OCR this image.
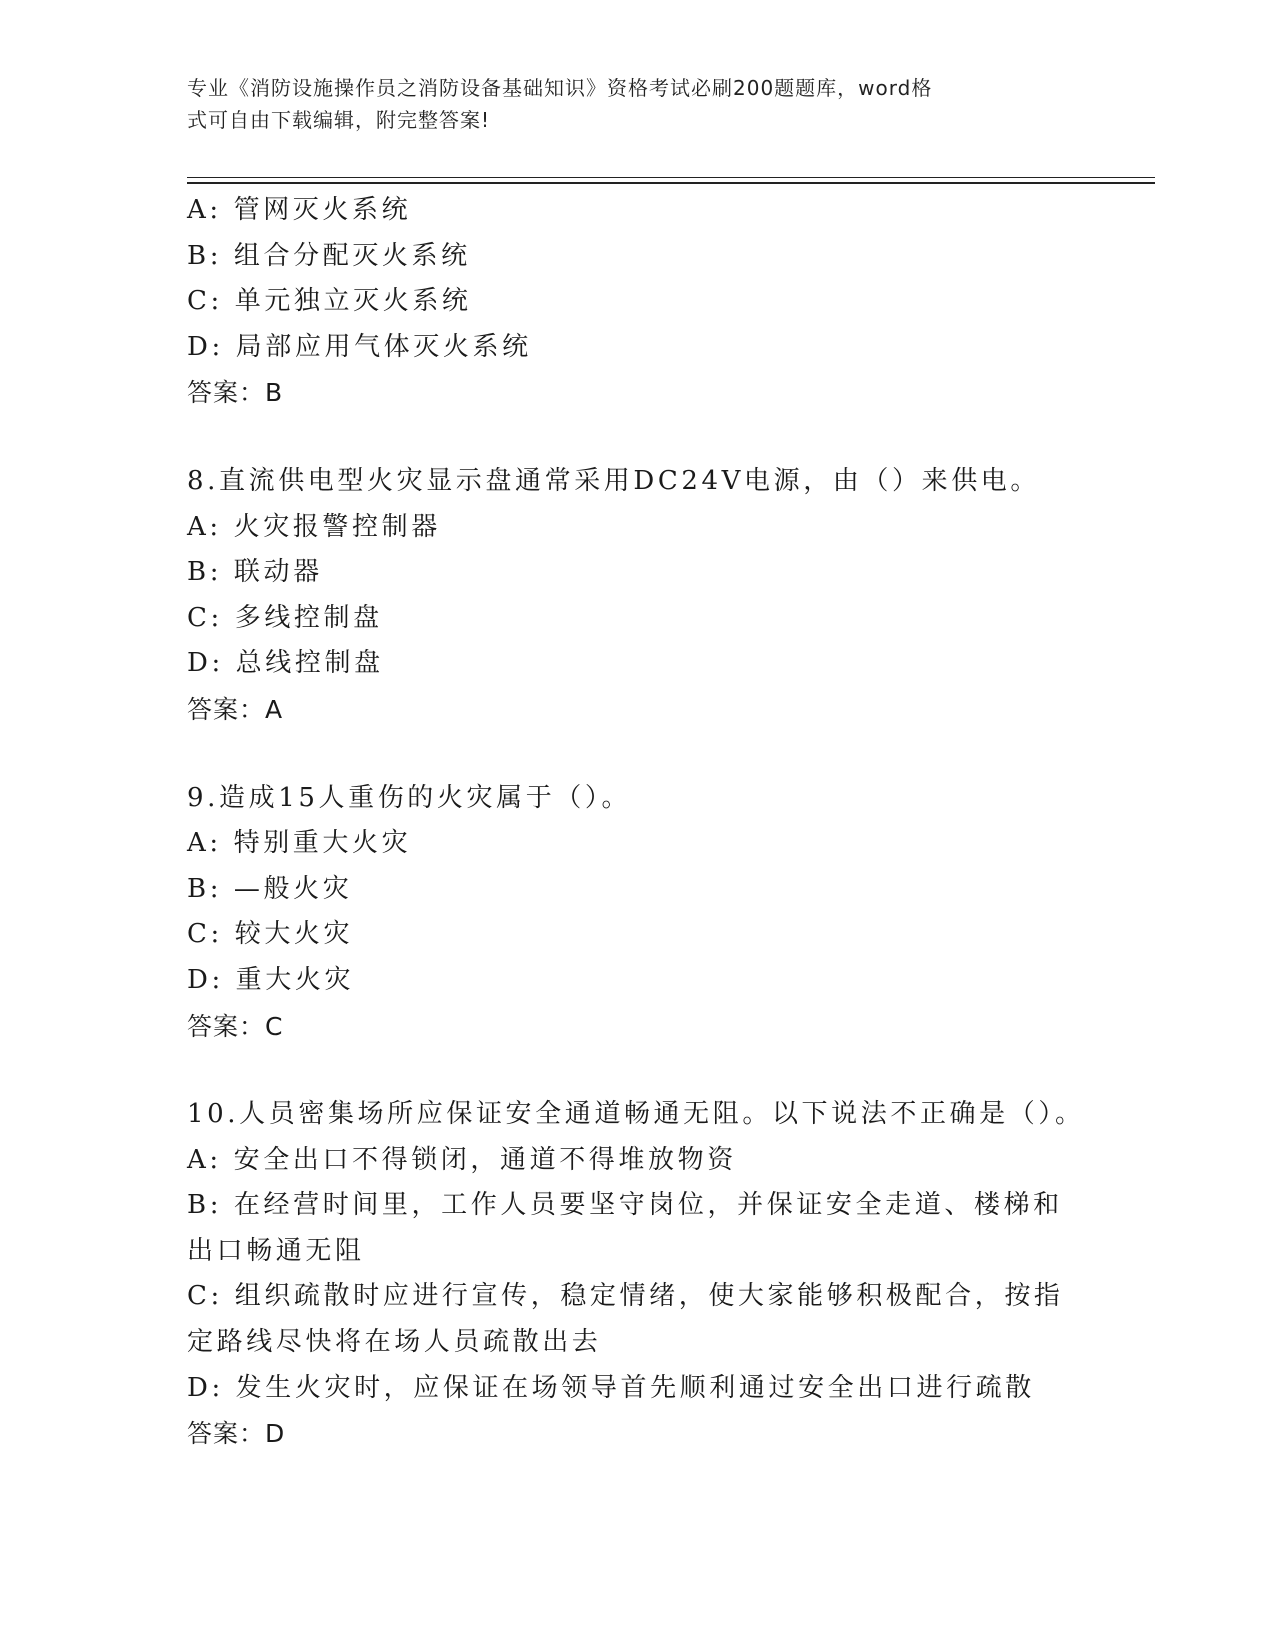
专业《消防设施操作员之消防设备基础知识》资格考试必刷200题题库，word格
式可自由下载编辑，附完整答案!
A: 管网灭火系统
B: 组合分配灭火系统
C: 单元独立灭火系统
D: 局部应用气体灭火系统
答案：B
8.直流供电型火灾显示盘通常采用DC24V电源，由（）来供电。
A: 火灾报警控制器
B: 联动器
C: 多线控制盘
D: 总线控制盘
答案：A
9.造成15人重伤的火灾属于（）。
A: 特别重大火灾
B: —般火灾
C: 较大火灾
D: 重大火灾
答案：C
10.人员密集场所应保证安全通道畅通无阻。以下说法不正确是（）。
A: 安全出口不得锁闭，通道不得堆放物资
B: 在经营时间里，工作人员要坚守岗位，并保证安全走道、楼梯和出口畅通无阻
C: 组织疏散时应进行宣传，稳定情绪，使大家能够积极配合，按指定路线尽快将在场人员疏散出去
D: 发生火灾时，应保证在场领导首先顺利通过安全出口进行疏散
答案：D
